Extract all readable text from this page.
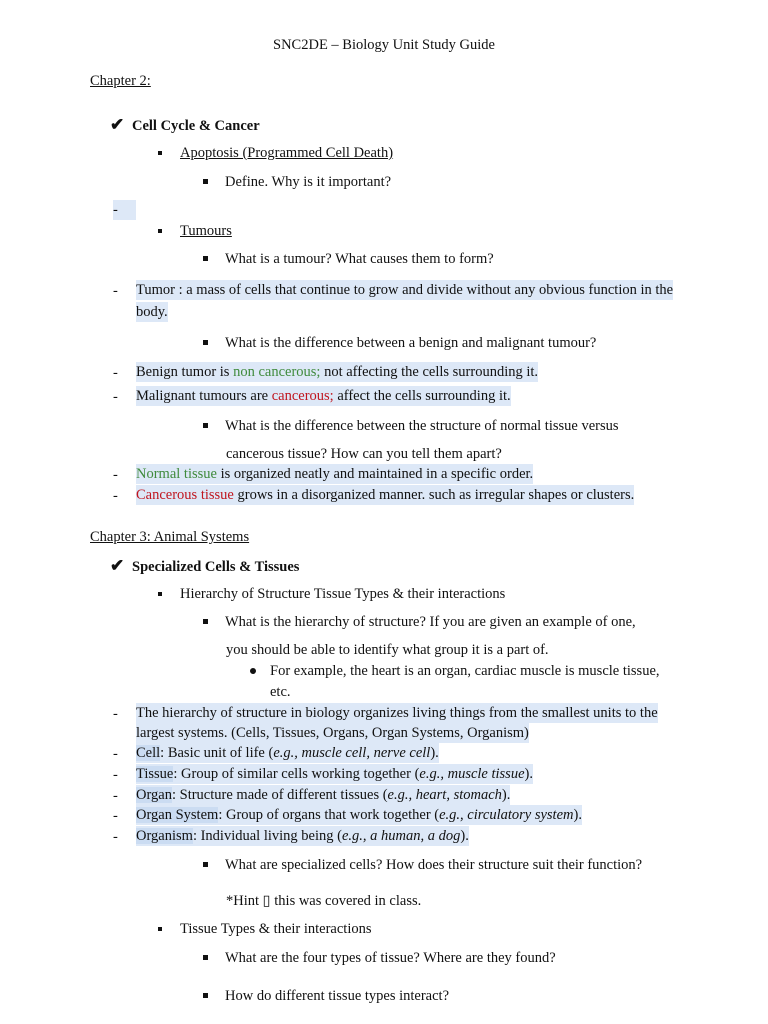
SNC2DE – Biology Unit Study Guide
Chapter 2:
✔ Cell Cycle & Cancer
Apoptosis (Programmed Cell Death)
Define. Why is it important?
-
Tumours
What is a tumour? What causes them to form?
- Tumor : a mass of cells that continue to grow and divide without any obvious function in the
body.
What is the difference between a benign and malignant tumour?
- Benign tumor is non cancerous; not affecting the cells surrounding it.
- Malignant tumours are cancerous; affect the cells surrounding it.
What is the difference between the structure of normal tissue versus
cancerous tissue? How can you tell them apart?
- Normal tissue is organized neatly and maintained in a specific order.
- Cancerous tissue grows in a disorganized manner. such as irregular shapes or clusters.
Chapter 3: Animal Systems
✔ Specialized Cells & Tissues
Hierarchy of Structure Tissue Types & their interactions
What is the hierarchy of structure? If you are given an example of one,
you should be able to identify what group it is a part of.
For example, the heart is an organ, cardiac muscle is muscle tissue,
etc.
- The hierarchy of structure in biology organizes living things from the smallest units to the
largest systems. (Cells, Tissues, Organs, Organ Systems, Organism)
- Cell: Basic unit of life (e.g., muscle cell, nerve cell).
- Tissue: Group of similar cells working together (e.g., muscle tissue).
- Organ: Structure made of different tissues (e.g., heart, stomach).
- Organ System: Group of organs that work together (e.g., circulatory system).
- Organism: Individual living being (e.g., a human, a dog).
What are specialized cells? How does their structure suit their function?
*Hint ▯ this was covered in class.
Tissue Types & their interactions
What are the four types of tissue? Where are they found?
How do different tissue types interact?
